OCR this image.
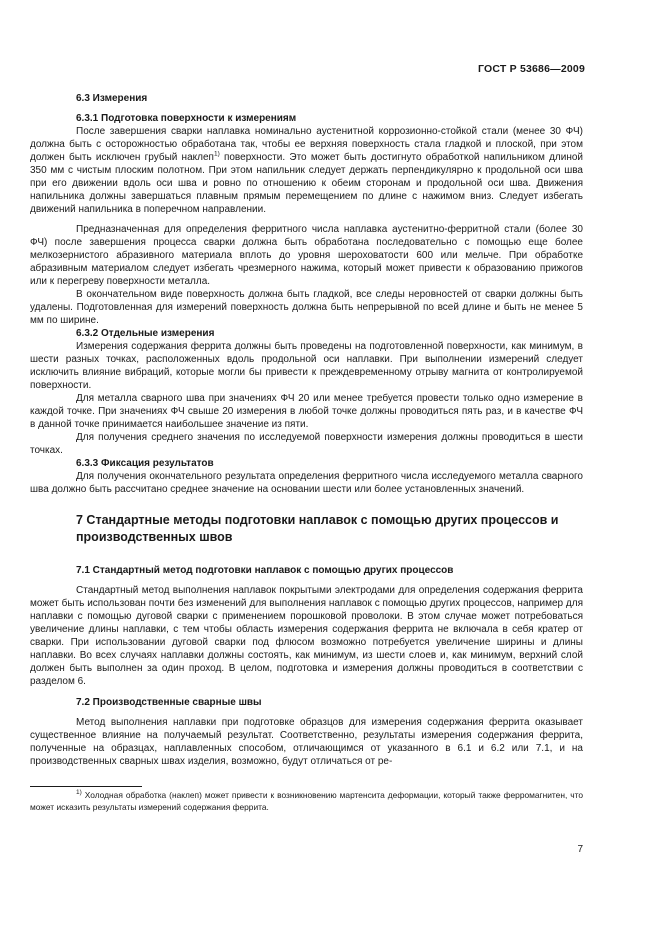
ГОСТ Р 53686—2009
6.3 Измерения
6.3.1 Подготовка поверхности к измерениям

После завершения сварки наплавка номинально аустенитной коррозионно-стойкой стали (менее 30 ФЧ) должна быть с осторожностью обработана так, чтобы ее верхняя поверхность стала гладкой и плоской, при этом должен быть исключен грубый наклеп$^{1)}$ поверхности. Это может быть достигнуто обработкой напильником длиной 350 мм с чистым плоским полотном. При этом напильник следует держать перпендикулярно к продольной оси шва при его движении вдоль оси шва и ровно по отношению к обеим сторонам и продольной оси шва. Движения напильника должны завершаться плавным прямым перемещением по длине с нажимом вниз. Следует избегать движений напильника в поперечном направлении.

Предназначенная для определения ферритного числа наплавка аустенитно-ферритной стали (более 30 ФЧ) после завершения процесса сварки должна быть обработана последовательно с помощью еще более мелкозернистого абразивного материала вплоть до уровня шероховатости 600 или мельче. При обработке абразивным материалом следует избегать чрезмерного нажима, который может привести к образованию прижогов или к перегреву поверхности металла.

В окончательном виде поверхность должна быть гладкой, все следы неровностей от сварки должны быть удалены. Подготовленная для измерений поверхность должна быть непрерывной по всей длине и быть не менее 5 мм по ширине.

6.3.2 Отдельные измерения

Измерения содержания феррита должны быть проведены на подготовленной поверхности, как минимум, в шести разных точках, расположенных вдоль продольной оси наплавки. При выполнении измерений следует исключить влияние вибраций, которые могли бы привести к преждевременному отрыву магнита от контролируемой поверхности.

Для металла сварного шва при значениях ФЧ 20 или менее требуется провести только одно измерение в каждой точке. При значениях ФЧ свыше 20 измерения в любой точке должны проводиться пять раз, и в качестве ФЧ в данной точке принимается наибольшее значение из пяти.

Для получения среднего значения по исследуемой поверхности измерения должны проводиться в шести точках.

6.3.3 Фиксация результатов

Для получения окончательного результата определения ферритного числа исследуемого металла сварного шва должно быть рассчитано среднее значение на основании шести или более установленных значений.

7 Стандартные методы подготовки наплавок с помощью других процессов и производственных швов
7.1 Стандартный метод подготовки наплавок с помощью других процессов

Стандартный метод выполнения наплавок покрытыми электродами для определения содержания феррита может быть использован почти без изменений для выполнения наплавок с помощью других процессов, например для наплавки с помощью дуговой сварки с применением порошковой проволоки. В этом случае может потребоваться увеличение длины наплавки, с тем чтобы область измерения содержания феррита не включала в себя кратер от сварки. При использовании дуговой сварки под флюсом возможно потребуется увеличение ширины и длины наплавки. Во всех случаях наплавки должны состоять, как минимум, из шести слоев и, как минимум, верхний слой должен быть выполнен за один проход. В целом, подготовка и измерения должны проводиться в соответствии с разделом 6.

7.2 Производственные сварные швы

Метод выполнения наплавки при подготовке образцов для измерения содержания феррита оказывает существенное влияние на получаемый результат. Соответственно, результаты измерения содержания феррита, полученные на образцах, наплавленных способом, отличающимся от указанного в 6.1 и 6.2 или 7.1, и на производственных сварных швах изделия, возможно, будут отличаться от ре-

$^{1)}$ Холодная обработка (наклеп) может привести к возникновению мартенсита деформации, который также ферромагнитен, что может исказить результаты измерений содержания феррита.

7
